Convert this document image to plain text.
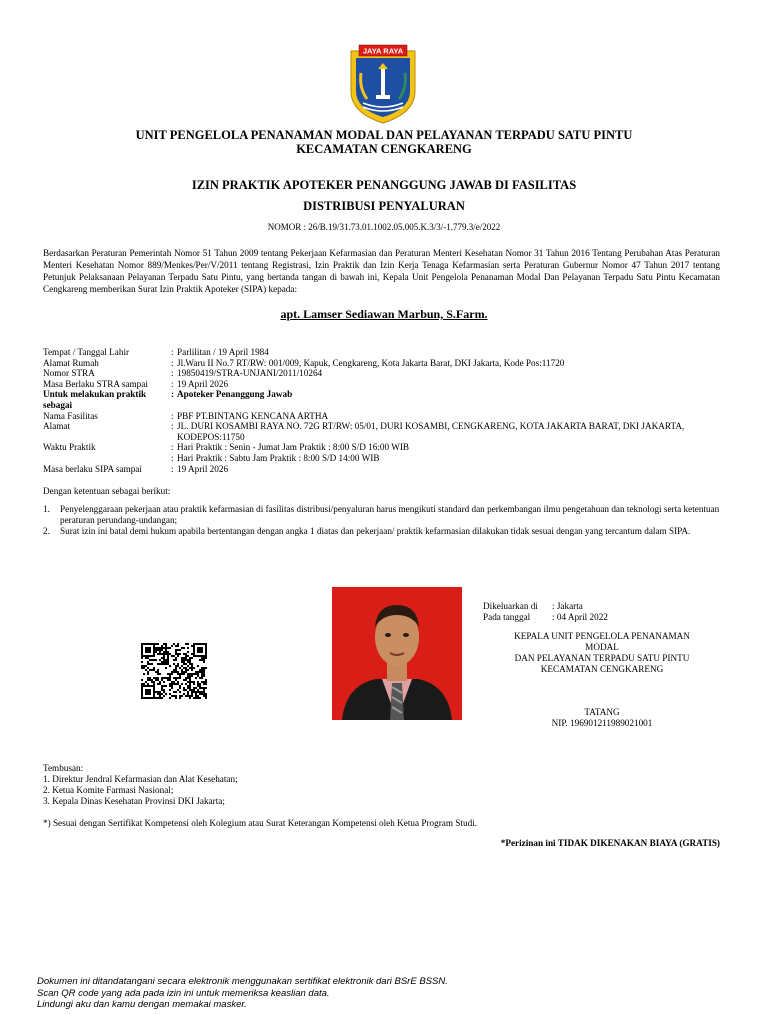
JAYA RAYA
UNIT PENGELOLA PENANAMAN MODAL DAN PELAYANAN TERPADU SATU PINTU
KECAMATAN CENGKARENG
IZIN PRAKTIK APOTEKER PENANGGUNG JAWAB DI FASILITAS
DISTRIBUSI PENYALURAN
NOMOR : 26/B.19/31.73.01.1002.05.005.K.3/3/-1.779.3/e/2022
Berdasarkan Peraturan Pemerintah Nomor 51 Tahun 2009 tentang Pekerjaan Kefarmasian dan Peraturan Menteri Kesehatan Nomor 31 Tahun 2016 Tentang Perubahan Atas Peraturan Menteri Kesehatan Nomor 889/Menkes/Per/V/2011 tentang Registrasi, Izin Praktik dan Izin Kerja Tenaga Kefarmasian serta Peraturan Gubernur Nomor 47 Tahun 2017 tentang Petunjuk Pelaksanaan Pelayanan Terpadu Satu Pintu, yang bertanda tangan di bawah ini, Kepala Unit Pengelola Penanaman Modal Dan Pelayanan Terpadu Satu Pintu Kecamatan Cengkareng memberikan Surat Izin Praktik Apoteker (SIPA) kepada:
apt. Lamser Sediawan Marbun, S.Farm.
Tempat / Tanggal Lahir	: Parlilitan / 19 April 1984
Alamat Rumah	: Jl.Waru II No.7 RT/RW: 001/009, Kapuk, Cengkareng, Kota Jakarta Barat, DKI Jakarta, Kode Pos:11720
Nomor STRA	: 19850419/STRA-UNJANI/2011/10264
Masa Berlaku STRA sampai	: 19 April 2026
Untuk melakukan praktik sebagai
: Apoteker Penanggung Jawab
Nama Fasilitas	: PBF PT.BINTANG KENCANA ARTHA
Alamat	: JL. DURI KOSAMBI RAYA NO. 72G RT/RW: 05/01, DURI KOSAMBI, CENGKARENG, KOTA JAKARTA BARAT, DKI JAKARTA, KODEPOS:11750
Waktu Praktik	: Hari Praktik : Senin - Jumat Jam Praktik : 8:00 S/D 16:00 WIB
: Hari Praktik : Sabtu Jam Praktik : 8:00 S/D 14:00 WIB
Masa berlaku SIPA sampai	: 19 April 2026
Dengan ketentuan sebagai berikut:
1.	Penyelenggaraan pekerjaan atau praktik kefarmasian di fasilitas distribusi/penyaluran harus mengikuti standard dan perkembangan ilmu pengetahuan dan teknologi serta ketentuan peraturan perundang-undangan;
2.	Surat izin ini batal demi hukum apabila bertentangan dengan angka 1 diatas dan pekerjaan/ praktik kefarmasian dilakukan tidak sesuai dengan yang tercantum dalam SIPA.
Dikeluarkan di	: Jakarta
Pada tanggal	: 04 April 2022
KEPALA UNIT PENGELOLA PENANAMAN
MODAL
DAN PELAYANAN TERPADU SATU PINTU
KECAMATAN CENGKARENG
TATANG
NIP. 196901211989021001
Tembusan:
1. Direktur Jendral Kefarmasian dan Alat Kesehatan;
2. Ketua Komite Farmasi Nasional;
3. Kepala Dinas Kesehatan Provinsi DKI Jakarta;
*) Sesuai dengan Sertifikat Kompetensi oleh Kolegium atau Surat Keterangan Kompetensi oleh Ketua Program Studi.
*Perizinan ini TIDAK DIKENAKAN BIAYA (GRATIS)
Dokumen ini ditandatangani secara elektronik menggunakan sertifikat elektronik dari BSrE BSSN.
Scan QR code yang ada pada izin ini untuk memeriksa keaslian data.
Lindungi aku dan kamu dengan memakai masker.
